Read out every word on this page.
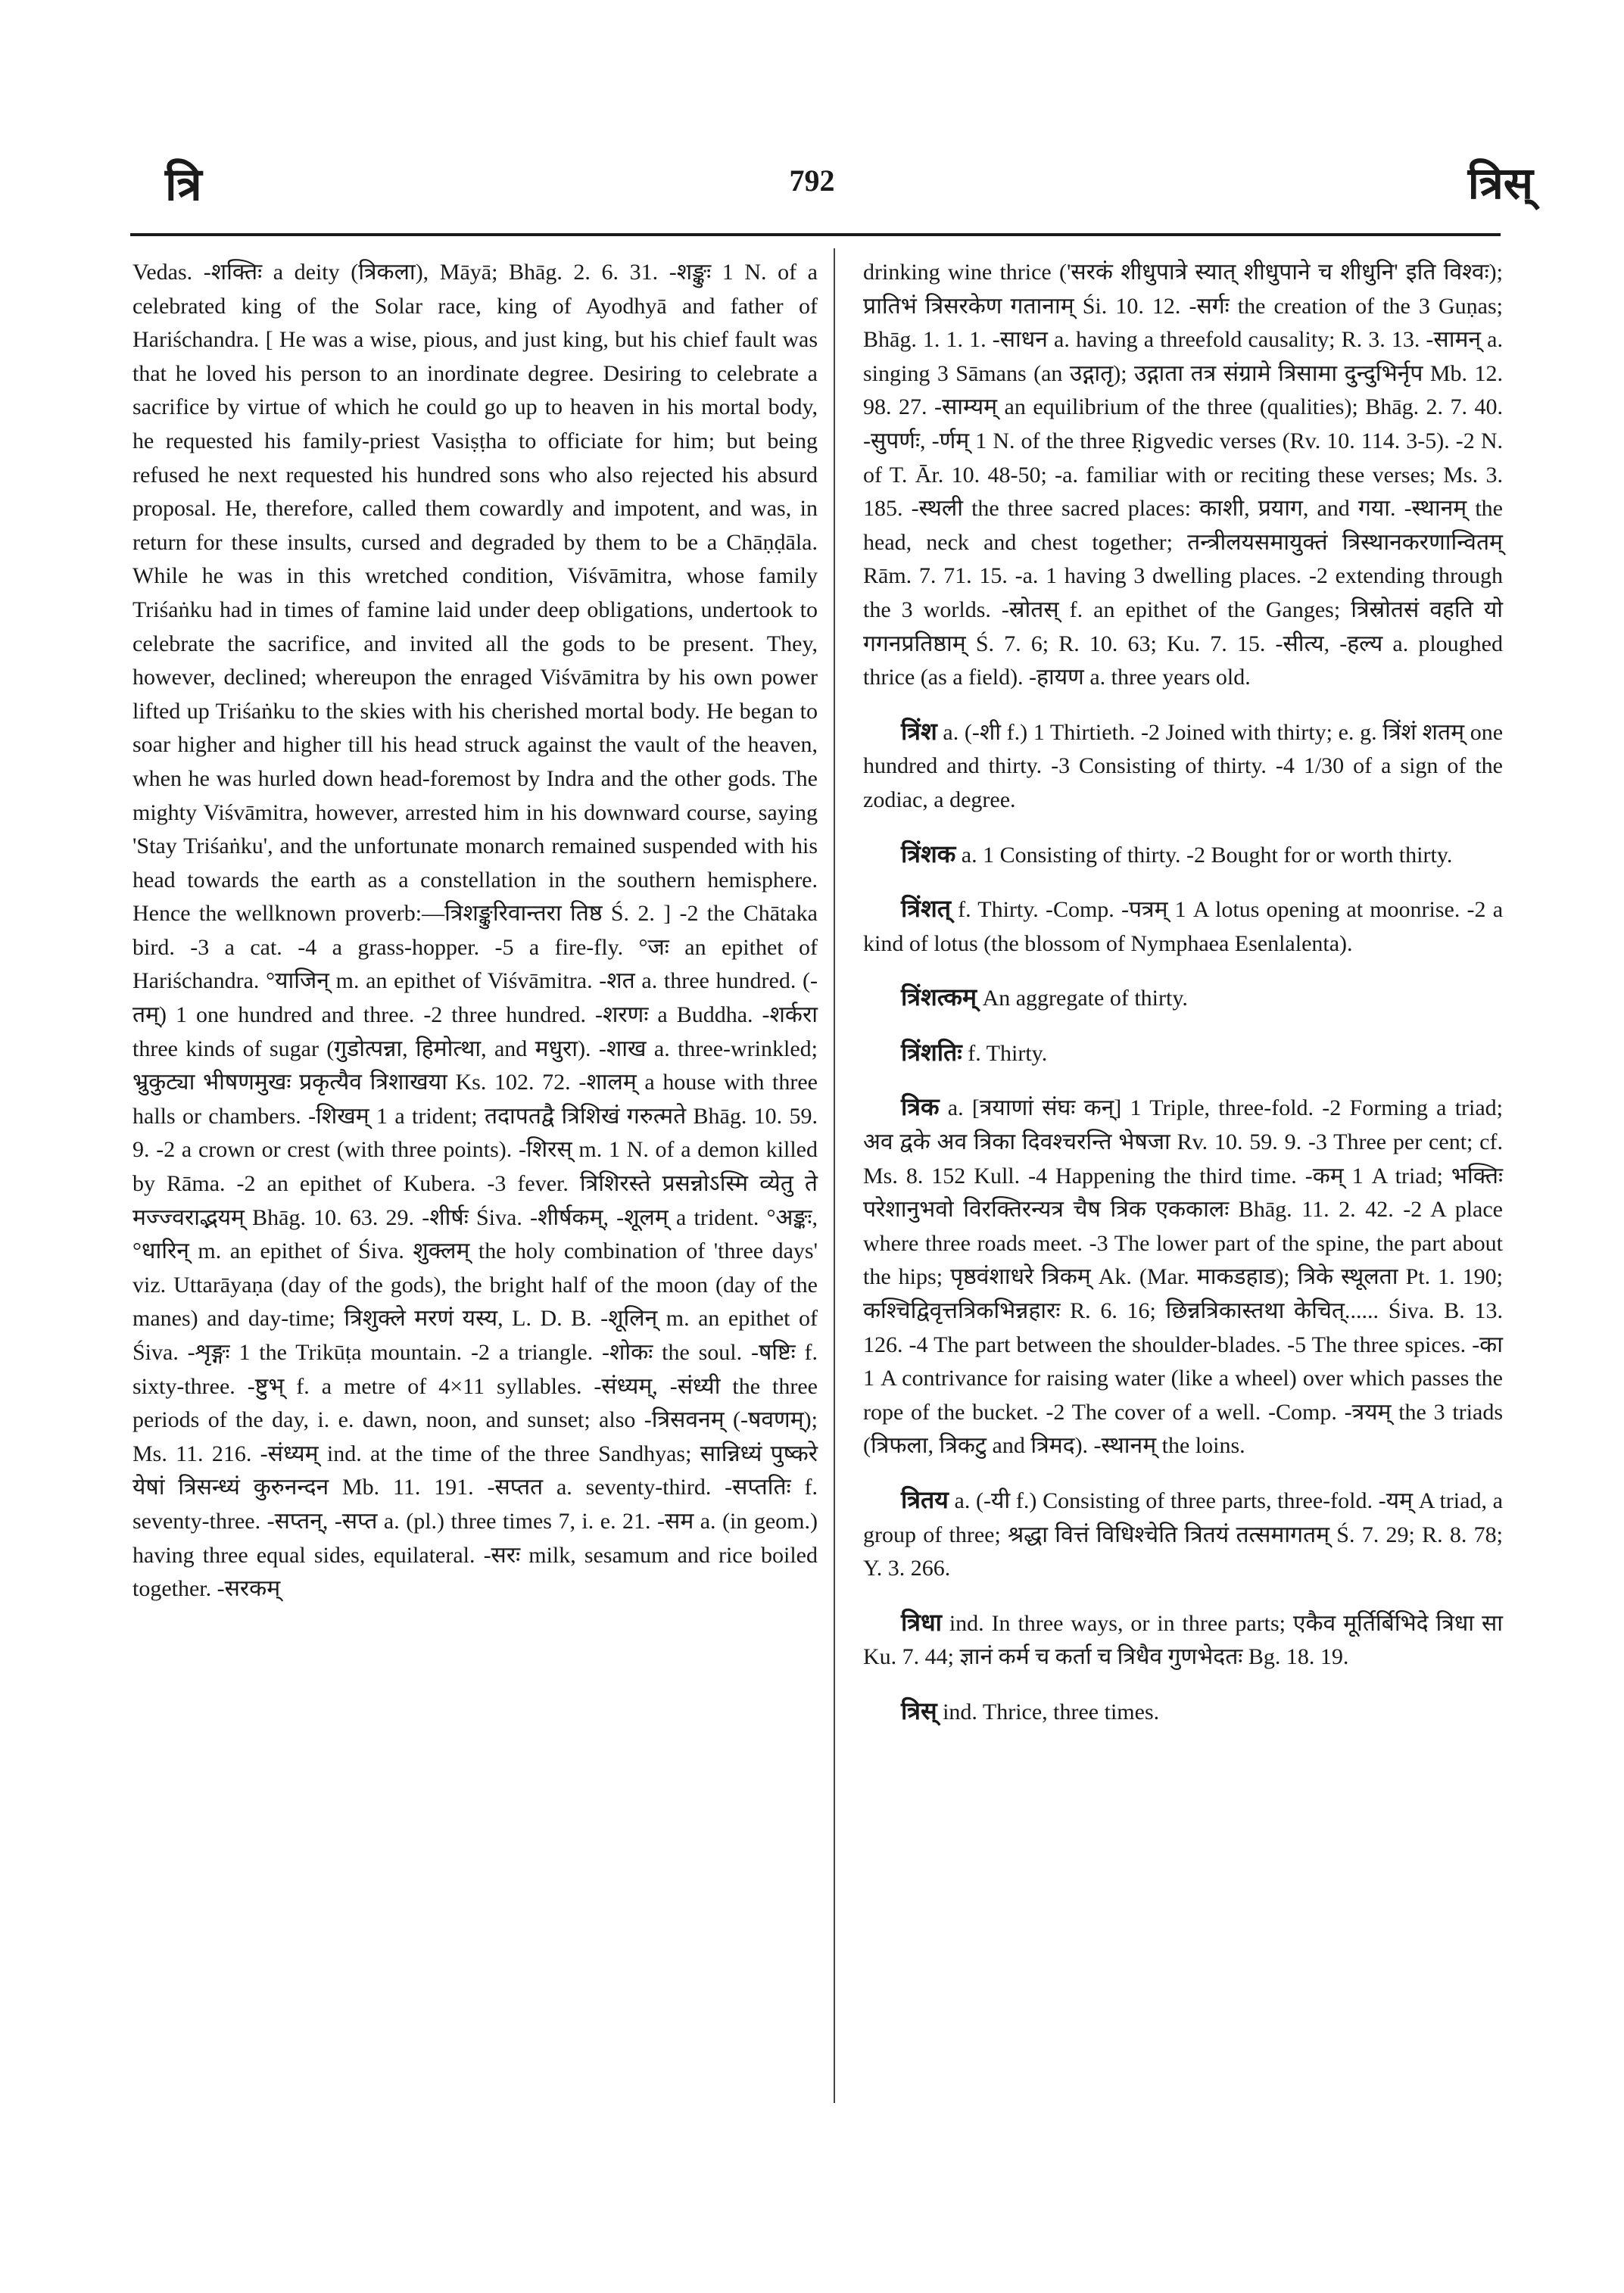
त्रि	792	त्रिस्

Vedas. -शक्तिः a deity (त्रिकला), Māyā; Bhāg. 2. 6. 31. -शङ्कुः 1 N. of a celebrated king of the Solar race, king of Ayodhyā and father of Hariśchandra. [ He was a wise, pious, and just king, but his chief fault was that he loved his person to an inordinate degree. Desiring to celebrate a sacrifice by virtue of which he could go up to heaven in his mortal body, he requested his family-priest Vasiṣṭha to officiate for him; but being refused he next requested his hundred sons who also rejected his absurd proposal. He, therefore, called them cowardly and impotent, and was, in return for these insults, cursed and degraded by them to be a Chāṇḍāla. While he was in this wretched condition, Viśvāmitra, whose family Triśaṅku had in times of famine laid under deep obligations, undertook to celebrate the sacrifice, and invited all the gods to be present. They, however, declined; whereupon the enraged Viśvāmitra by his own power lifted up Triśaṅku to the skies with his cherished mortal body. He began to soar higher and higher till his head struck against the vault of the heaven, when he was hurled down head-foremost by Indra and the other gods. The mighty Viśvāmitra, however, arrested him in his downward course, saying 'Stay Triśaṅku', and the unfortunate monarch remained suspended with his head towards the earth as a constellation in the southern hemisphere. Hence the wellknown proverb:—त्रिशङ्कुरिवान्तरा तिष्ठ Ś. 2. ] -2 the Chātaka bird. -3 a cat. -4 a grass-hopper. -5 a fire-fly. °जः an epithet of Hariśchandra. °याजिन् m. an epithet of Viśvāmitra. -शत a. three hundred. (-तम्) 1 one hundred and three. -2 three hundred. -शरणः a Buddha. -शर्करा three kinds of sugar (गुडोत्पन्ना, हिमोत्था, and मधुरा). -शाख a. three-wrinkled; भ्रुकुट्या भीषणमुखः प्रकृत्यैव त्रिशाखया Ks. 102. 72. -शालम् a house with three halls or chambers. -शिखम् 1 a trident; तदापतद्वै त्रिशिखं गरुत्मते Bhāg. 10. 59. 9. -2 a crown or crest (with three points). -शिरस् m. 1 N. of a demon killed by Rāma. -2 an epithet of Kubera. -3 fever. त्रिशिरस्ते प्रसन्नोऽस्मि व्येतु ते मज्ज्वराद्भयम् Bhāg. 10. 63. 29. -शीर्षः Śiva. -शीर्षकम्, -शूलम् a trident. °अङ्कः, °धारिन् m. an epithet of Śiva. शुक्लम् the holy combination of 'three days' viz. Uttarāyaṇa (day of the gods), the bright half of the moon (day of the manes) and day-time; त्रिशुक्ले मरणं यस्य, L. D. B. -शूलिन् m. an epithet of Śiva. -शृङ्गः 1 the Trikūṭa mountain. -2 a triangle. -शोकः the soul. -षष्टिः f. sixty-three. -ष्टुभ् f. a metre of 4×11 syllables. -संध्यम्, -संध्यी the three periods of the day, i. e. dawn, noon, and sunset; also -त्रिसवनम् (-षवणम्); Ms. 11. 216. -संध्यम् ind. at the time of the three Sandhyas; सान्निध्यं पुष्करे येषां त्रिसन्ध्यं कुरुनन्दन Mb. 11. 191. -सप्तत a. seventy-third. -सप्ततिः f. seventy-three. -सप्तन्, -सप्त a. (pl.) three times 7, i. e. 21. -सम a. (in geom.) having three equal sides, equilateral. -सरः milk, sesamum and rice boiled together. -सरकम्

drinking wine thrice ('सरकं शीधुपात्रे स्यात् शीधुपाने च शीधुनि' इति विश्वः); प्रातिभं त्रिसरकेण गतानाम् Śi. 10. 12. -सर्गः the creation of the 3 Guṇas; Bhāg. 1. 1. 1. -साधन a. having a threefold causality; R. 3. 13. -सामन् a. singing 3 Sāmans (an उद्गातृ); उद्गाता तत्र संग्रामे त्रिसामा दुन्दुभिर्नृप Mb. 12. 98. 27. -साम्यम् an equilibrium of the three (qualities); Bhāg. 2. 7. 40. -सुपर्णः, -र्णम् 1 N. of the three Ṛigvedic verses (Rv. 10. 114. 3-5). -2 N. of T. Ār. 10. 48-50; -a. familiar with or reciting these verses; Ms. 3. 185. -स्थली the three sacred places: काशी, प्रयाग, and गया. -स्थानम् the head, neck and chest together; तन्त्रीलयसमायुक्तं त्रिस्थानकरणान्वितम् Rām. 7. 71. 15. -a. 1 having 3 dwelling places. -2 extending through the 3 worlds. -स्रोतस् f. an epithet of the Ganges; त्रिस्रोतसं वहति यो गगनप्रतिष्ठाम् Ś. 7. 6; R. 10. 63; Ku. 7. 15. -सीत्य, -हल्य a. ploughed thrice (as a field). -हायण a. three years old.

त्रिंश a. (-शी f.) 1 Thirtieth. -2 Joined with thirty; e. g. त्रिंशं शतम् one hundred and thirty. -3 Consisting of thirty. -4 1/30 of a sign of the zodiac, a degree.

त्रिंशक a. 1 Consisting of thirty. -2 Bought for or worth thirty.

त्रिंशत् f. Thirty. -Comp. -पत्रम् 1 A lotus opening at moonrise. -2 a kind of lotus (the blossom of Nymphaea Esenlalenta).

त्रिंशत्कम् An aggregate of thirty.

त्रिंशतिः f. Thirty.

त्रिक a. [त्रयाणां संघः कन्] 1 Triple, three-fold. -2 Forming a triad; अव द्वके अव त्रिका दिवश्चरन्ति भेषजा Rv. 10. 59. 9. -3 Three per cent; cf. Ms. 8. 152 Kull. -4 Happening the third time. -कम् 1 A triad; भक्तिः परेशानुभवो विरक्तिरन्यत्र चैष त्रिक एककालः Bhāg. 11. 2. 42. -2 A place where three roads meet. -3 The lower part of the spine, the part about the hips; पृष्ठवंशाधरे त्रिकम् Ak. (Mar. माकडहाड); त्रिके स्थूलता Pt. 1. 190; कश्चिद्विवृत्तत्रिकभिन्नहारः R. 6. 16; छिन्नत्रिकास्तथा केचित्...... Śiva. B. 13. 126. -4 The part between the shoulder-blades. -5 The three spices. -का 1 A contrivance for raising water (like a wheel) over which passes the rope of the bucket. -2 The cover of a well. -Comp. -त्रयम् the 3 triads (त्रिफला, त्रिकटु and त्रिमद). -स्थानम् the loins.

त्रितय a. (-यी f.) Consisting of three parts, three-fold. -यम् A triad, a group of three; श्रद्धा वित्तं विधिश्चेति त्रितयं तत्समागतम् Ś. 7. 29; R. 8. 78; Y. 3. 266.

त्रिधा ind. In three ways, or in three parts; एकैव मूर्तिर्बिभिदे त्रिधा सा Ku. 7. 44; ज्ञानं कर्म च कर्ता च त्रिधैव गुणभेदतः Bg. 18. 19.

त्रिस् ind. Thrice, three times.
